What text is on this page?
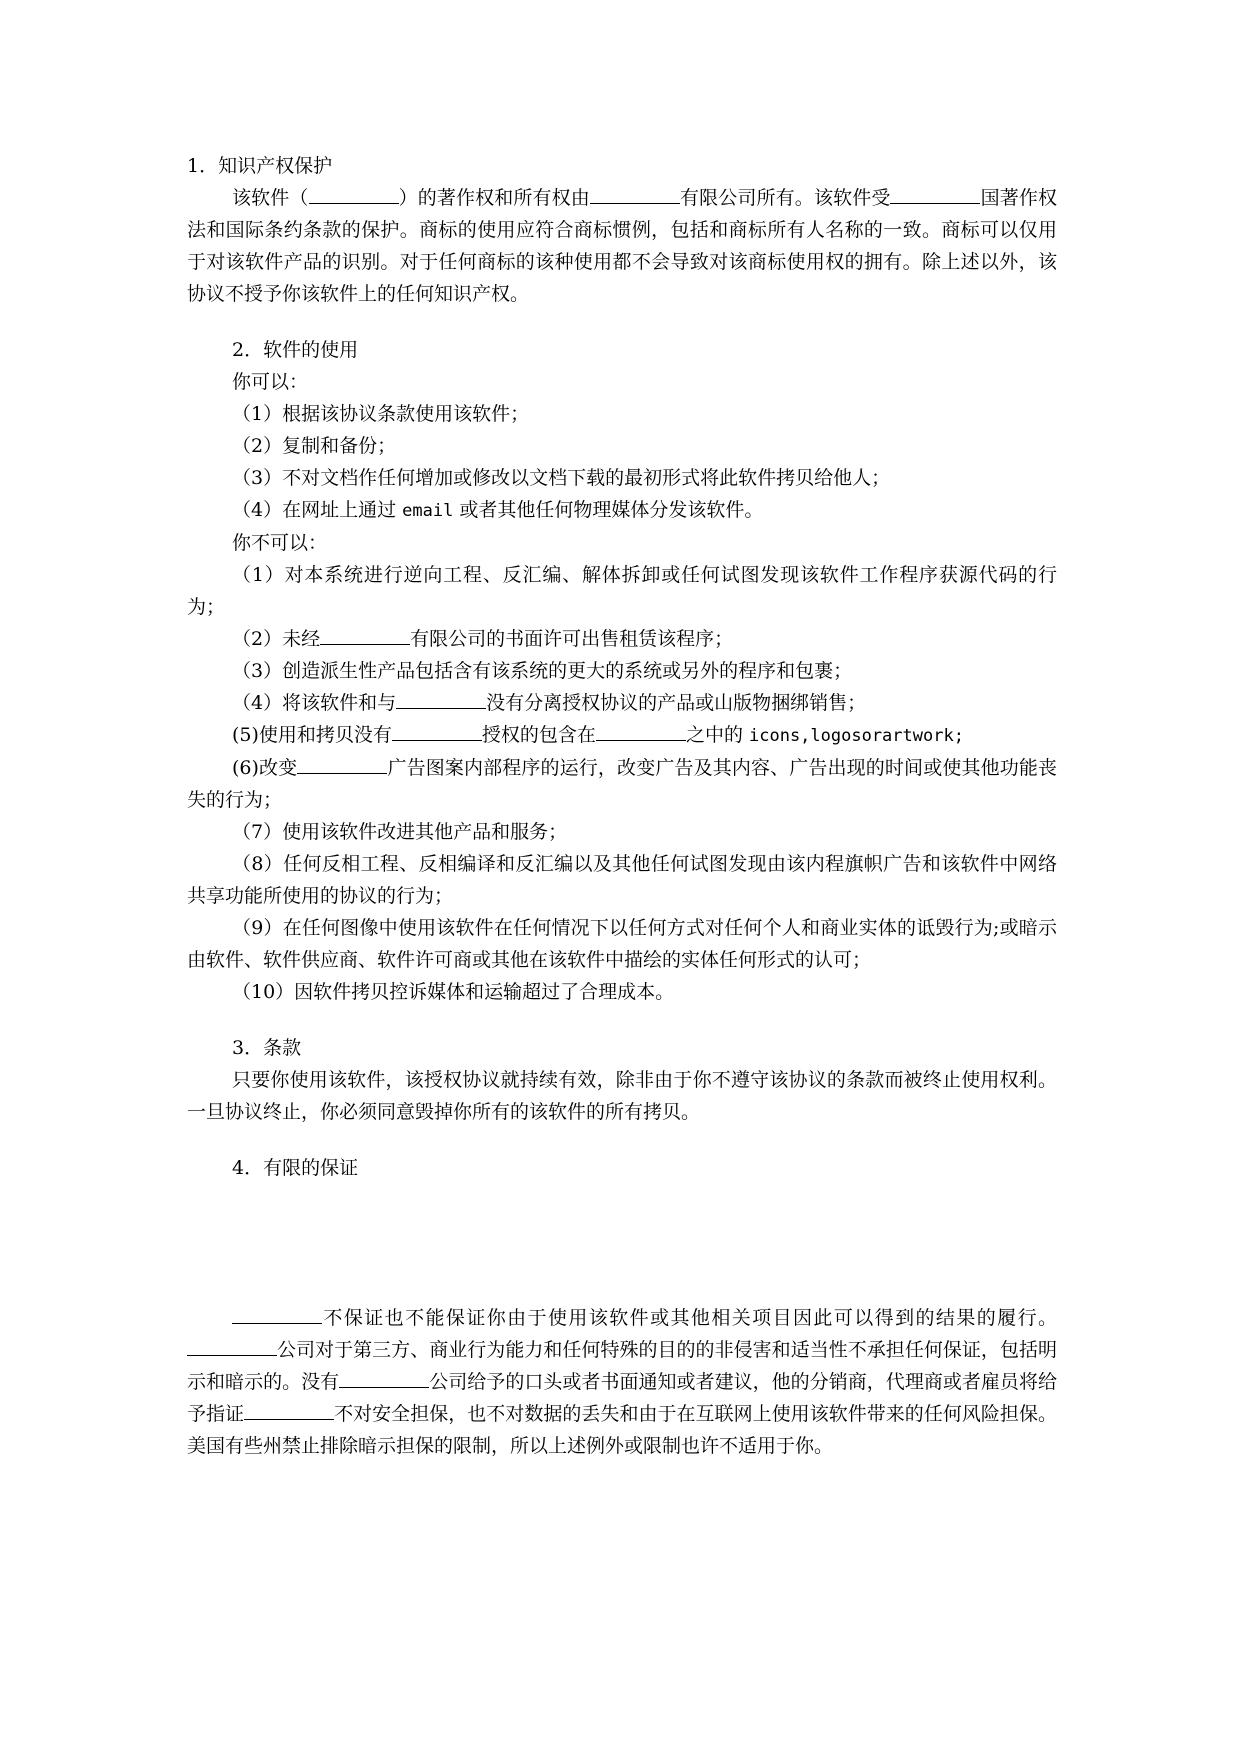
1．知识产权保护

该软件（	）的著作权和所有权由	有限公司所有。该软件受	国著作权法和国际条约条款的保护。商标的使用应符合商标惯例，包括和商标所有人名称的一致。商标可以仅用于对该软件产品的识别。对于任何商标的该种使用都不会导致对该商标使用权的拥有。除上述以外，该协议不授予你该软件上的任何知识产权。

2．软件的使用

你可以：

（1）根据该协议条款使用该软件；

（2）复制和备份；

（3）不对文档作任何增加或修改以文档下载的最初形式将此软件拷贝给他人；

（4）在网址上通过 email 或者其他任何物理媒体分发该软件。

你不可以：

（1）对本系统进行逆向工程、反汇编、解体拆卸或任何试图发现该软件工作程序获源代码的行为；

（2）未经	有限公司的书面许可出售租赁该程序；

（3）创造派生性产品包括含有该系统的更大的系统或另外的程序和包裹；

（4）将该软件和与	没有分离授权协议的产品或山版物捆绑销售；

(5)使用和拷贝没有	授权的包含在	之中的 icons,logosorartwork;

(6)改变	广告图案内部程序的运行，改变广告及其内容、广告出现的时间或使其他功能丧失的行为；

（7）使用该软件改进其他产品和服务；

（8）任何反相工程、反相编译和反汇编以及其他任何试图发现由该内程旗帜广告和该软件中网络共享功能所使用的协议的行为；

（9）在任何图像中使用该软件在任何情况下以任何方式对任何个人和商业实体的诋毁行为;或暗示由软件、软件供应商、软件许可商或其他在该软件中描绘的实体任何形式的认可；

（10）因软件拷贝控诉媒体和运输超过了合理成本。

3．条款

只要你使用该软件，该授权协议就持续有效，除非由于你不遵守该协议的条款而被终止使用权利。一旦协议终止，你必须同意毁掉你所有的该软件的所有拷贝。

4．有限的保证

不保证也不能保证你由于使用该软件或其他相关项目因此可以得到的结果的履行。公司对于第三方、商业行为能力和任何特殊的目的的非侵害和适当性不承担任何保证，包括明示和暗示的。没有	公司给予的口头或者书面通知或者建议，他的分销商，代理商或者雇员将给予指证	不对安全担保，也不对数据的丢失和由于在互联网上使用该软件带来的任何风险担保。美国有些州禁止排除暗示担保的限制，所以上述例外或限制也许不适用于你。
